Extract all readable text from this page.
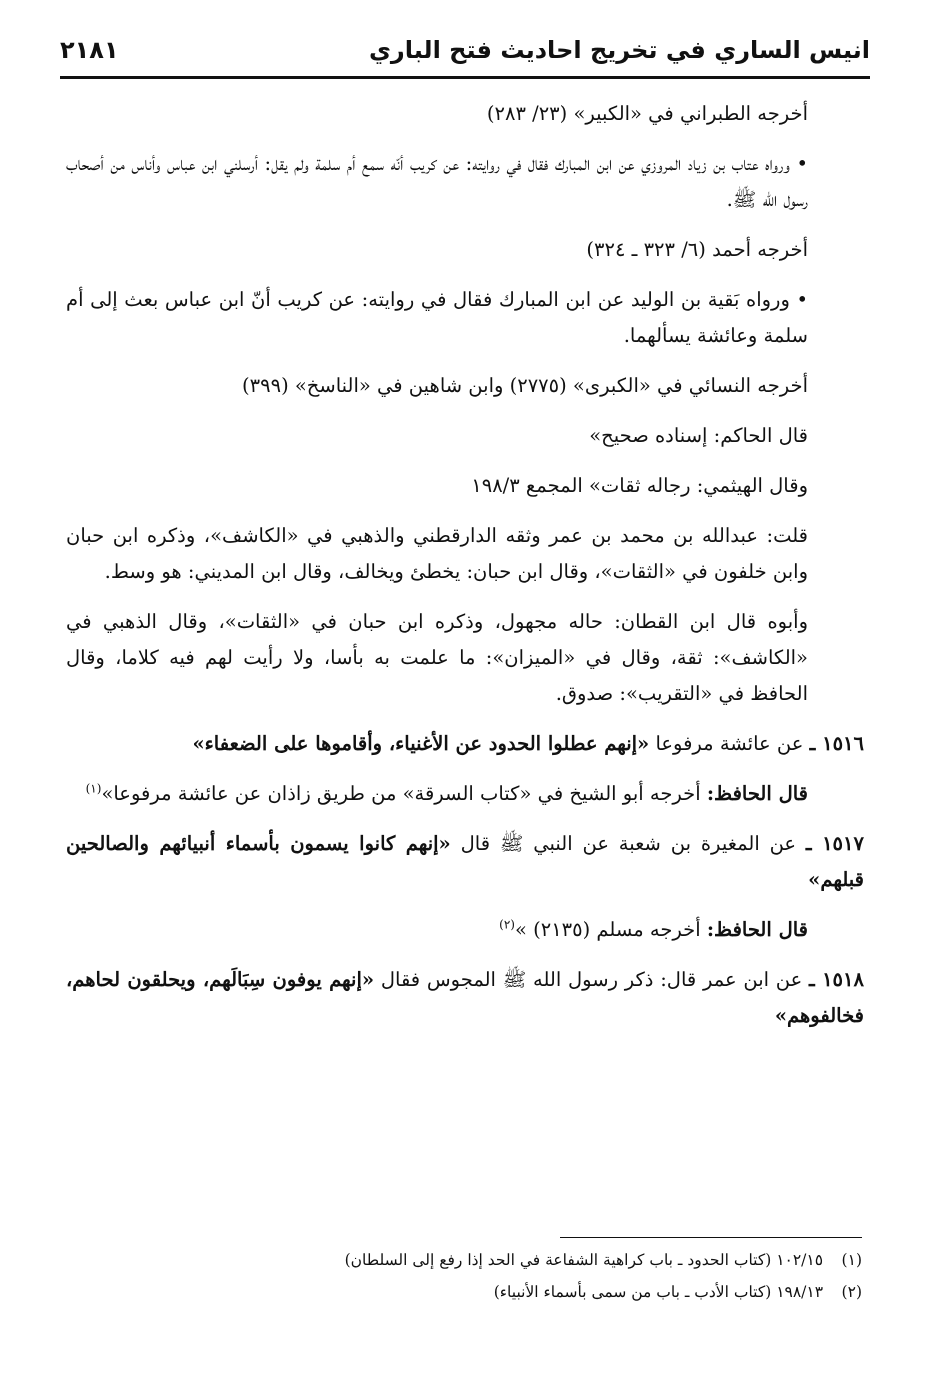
انيس الساري في تخريج احاديث فتح الباري
٢١٨١

أخرجه الطبراني في «الكبير» (٢٣/ ٢٨٣)

• ورواه عتاب بن زياد المروزي عن ابن المبارك فقال في روايته: عن كريب أنّه سمع أم سلمة ولم يقل: أرسلني ابن عباس وأناس من أصحاب رسول الله ﷺ.

أخرجه أحمد (٦/ ٣٢٣ ـ ٣٢٤)

• ورواه بَقية بن الوليد عن ابن المبارك فقال في روايته: عن كريب أنّ ابن عباس بعث إلى أم سلمة وعائشة يسألهما.

أخرجه النسائي في «الكبرى» (٢٧٧٥) وابن شاهين في «الناسخ» (٣٩٩)

قال الحاكم: إسناده صحيح»

وقال الهيثمي: رجاله ثقات» المجمع ١٩٨/٣

قلت: عبدالله بن محمد بن عمر وثقه الدارقطني والذهبي في «الكاشف»، وذكره ابن حبان وابن خلفون في «الثقات»، وقال ابن حبان: يخطئ ويخالف، وقال ابن المديني: هو وسط.

وأبوه قال ابن القطان: حاله مجهول، وذكره ابن حبان في «الثقات»، وقال الذهبي في «الكاشف»: ثقة، وقال في «الميزان»: ما علمت به بأسا، ولا رأيت لهم فيه كلاما، وقال الحافظ في «التقريب»: صدوق.

١٥١٦ ـ عن عائشة مرفوعا «إنهم عطلوا الحدود عن الأغنياء، وأقاموها على الضعفاء»

قال الحافظ: أخرجه أبو الشيخ في «كتاب السرقة» من طريق زاذان عن عائشة مرفوعا»$^{(١)}$

١٥١٧ ـ عن المغيرة بن شعبة عن النبي ﷺ قال «إنهم كانوا يسمون بأسماء أنبيائهم والصالحين قبلهم»

قال الحافظ: أخرجه مسلم (٢١٣٥) »$^{(٢)}$

١٥١٨ ـ عن ابن عمر قال: ذكر رسول الله ﷺ المجوس فقال «إنهم يوفون سِبَالَهم، ويحلقون لحاهم، فخالفوهم»

(١) ١٠٢/١٥ (كتاب الحدود ـ باب كراهية الشفاعة في الحد إذا رفع إلى السلطان)
(٢) ١٩٨/١٣ (كتاب الأدب ـ باب من سمى بأسماء الأنبياء)
